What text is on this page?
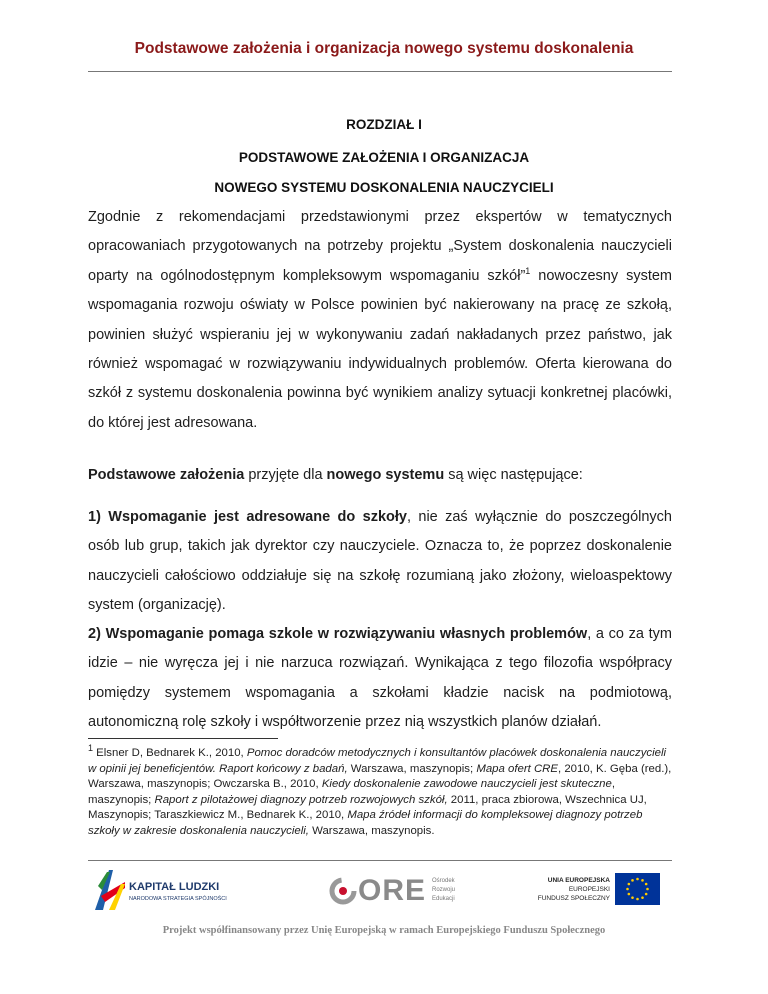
Podstawowe założenia i organizacja nowego systemu doskonalenia
ROZDZIAŁ I
PODSTAWOWE ZAŁOŻENIA I ORGANIZACJA
NOWEGO SYSTEMU DOSKONALENIA NAUCZYCIELI
Zgodnie z rekomendacjami przedstawionymi przez ekspertów w tematycznych opracowaniach przygotowanych na potrzeby projektu „System doskonalenia nauczycieli oparty na ogólnodostępnym kompleksowym wspomaganiu szkół”$^1$ nowoczesny system wspomagania rozwoju oświaty w Polsce powinien być nakierowany na pracę ze szkołą, powinien służyć wspieraniu jej w wykonywaniu zadań nakładanych przez państwo, jak również wspomagać w rozwiązywaniu indywidualnych problemów. Oferta kierowana do szkół z systemu doskonalenia powinna być wynikiem analizy sytuacji konkretnej placówki, do której jest adresowana.
Podstawowe założenia przyjęte dla nowego systemu są więc następujące:
1) Wspomaganie jest adresowane do szkoły, nie zaś wyłącznie do poszczególnych osób lub grup, takich jak dyrektor czy nauczyciele. Oznacza to, że poprzez doskonalenie nauczycieli całościowo oddziałuje się na szkołę rozumianą jako złożony, wieloaspektowy system (organizację).
2) Wspomaganie pomaga szkole w rozwiązywaniu własnych problemów, a co za tym idzie – nie wyręcza jej i nie narzuca rozwiązań. Wynikająca z tego filozofia współpracy pomiędzy systemem wspomagania a szkołami kładzie nacisk na podmiotową, autonomiczną rolę szkoły i współtworzenie przez nią wszystkich planów działań.
$^1$ Elsner D, Bednarek K., 2010, Pomoc doradców metodycznych i konsultantów placówek doskonalenia nauczycieli w opinii jej beneficjentów. Raport końcowy z badań, Warszawa, maszynopis; Mapa ofert CRE, 2010, K. Gęba (red.), Warszawa, maszynopis; Owczarska B., 2010, Kiedy doskonalenie zawodowe nauczycieli jest skuteczne, maszynopis; Raport z pilotażowej diagnozy potrzeb rozwojowych szkół, 2011, praca zbiorowa, Wszechnica UJ, Maszynopis; Taraszkiewicz M., Bednarek K., 2010, Mapa źródeł informacji do kompleksowej diagnozy potrzeb szkoły w zakresie doskonalenia nauczycieli, Warszawa, maszynopis.
KAPITAŁ LUDZKI
NARODOWA STRATEGIA SPÓJNOŚCI	ORE Ośrodek
Rozwoju
Edukacji
UNIA EUROPEJSKA
EUROPEJSKI
FUNDUSZ SPOŁECZNY
Projekt współfinansowany przez Unię Europejską w ramach Europejskiego Funduszu Społecznego
